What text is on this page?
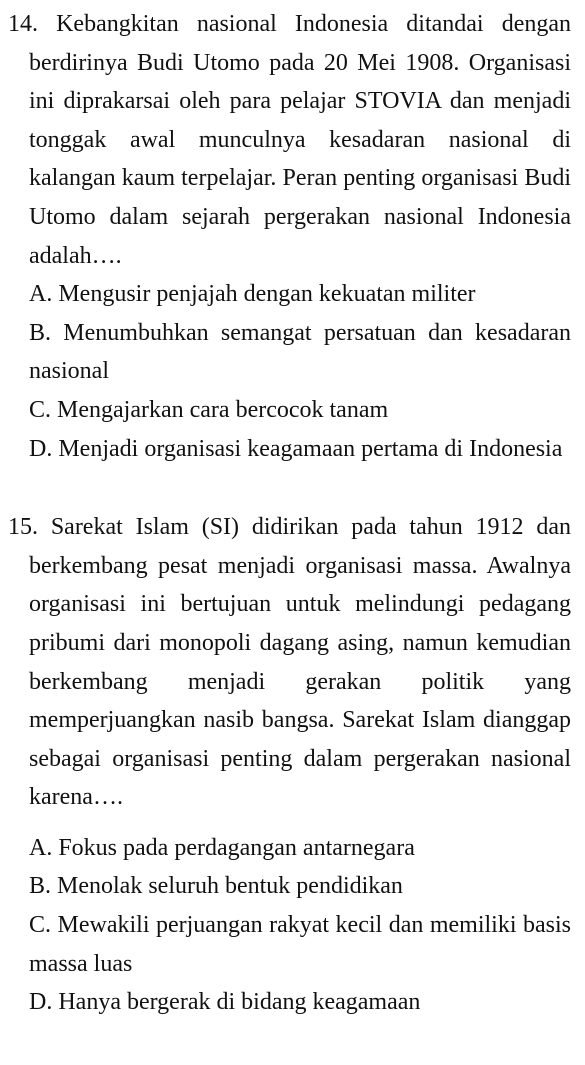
14. Kebangkitan nasional Indonesia ditandai dengan berdirinya Budi Utomo pada 20 Mei 1908. Organisasi ini diprakarsai oleh para pelajar STOVIA dan menjadi tonggak awal munculnya kesadaran nasional di kalangan kaum terpelajar. Peran penting organisasi Budi Utomo dalam sejarah pergerakan nasional Indonesia adalah….

A. Mengusir penjajah dengan kekuatan militer
B. Menumbuhkan semangat persatuan dan kesadaran nasional
C. Mengajarkan cara bercocok tanam
D. Menjadi organisasi keagamaan pertama di Indonesia

15. Sarekat Islam (SI) didirikan pada tahun 1912 dan berkembang pesat menjadi organisasi massa. Awalnya organisasi ini bertujuan untuk melindungi pedagang pribumi dari monopoli dagang asing, namun kemudian berkembang menjadi gerakan politik yang memperjuangkan nasib bangsa. Sarekat Islam dianggap sebagai organisasi penting dalam pergerakan nasional karena….

A. Fokus pada perdagangan antarnegara
B. Menolak seluruh bentuk pendidikan
C. Mewakili perjuangan rakyat kecil dan memiliki basis massa luas
D. Hanya bergerak di bidang keagamaan
